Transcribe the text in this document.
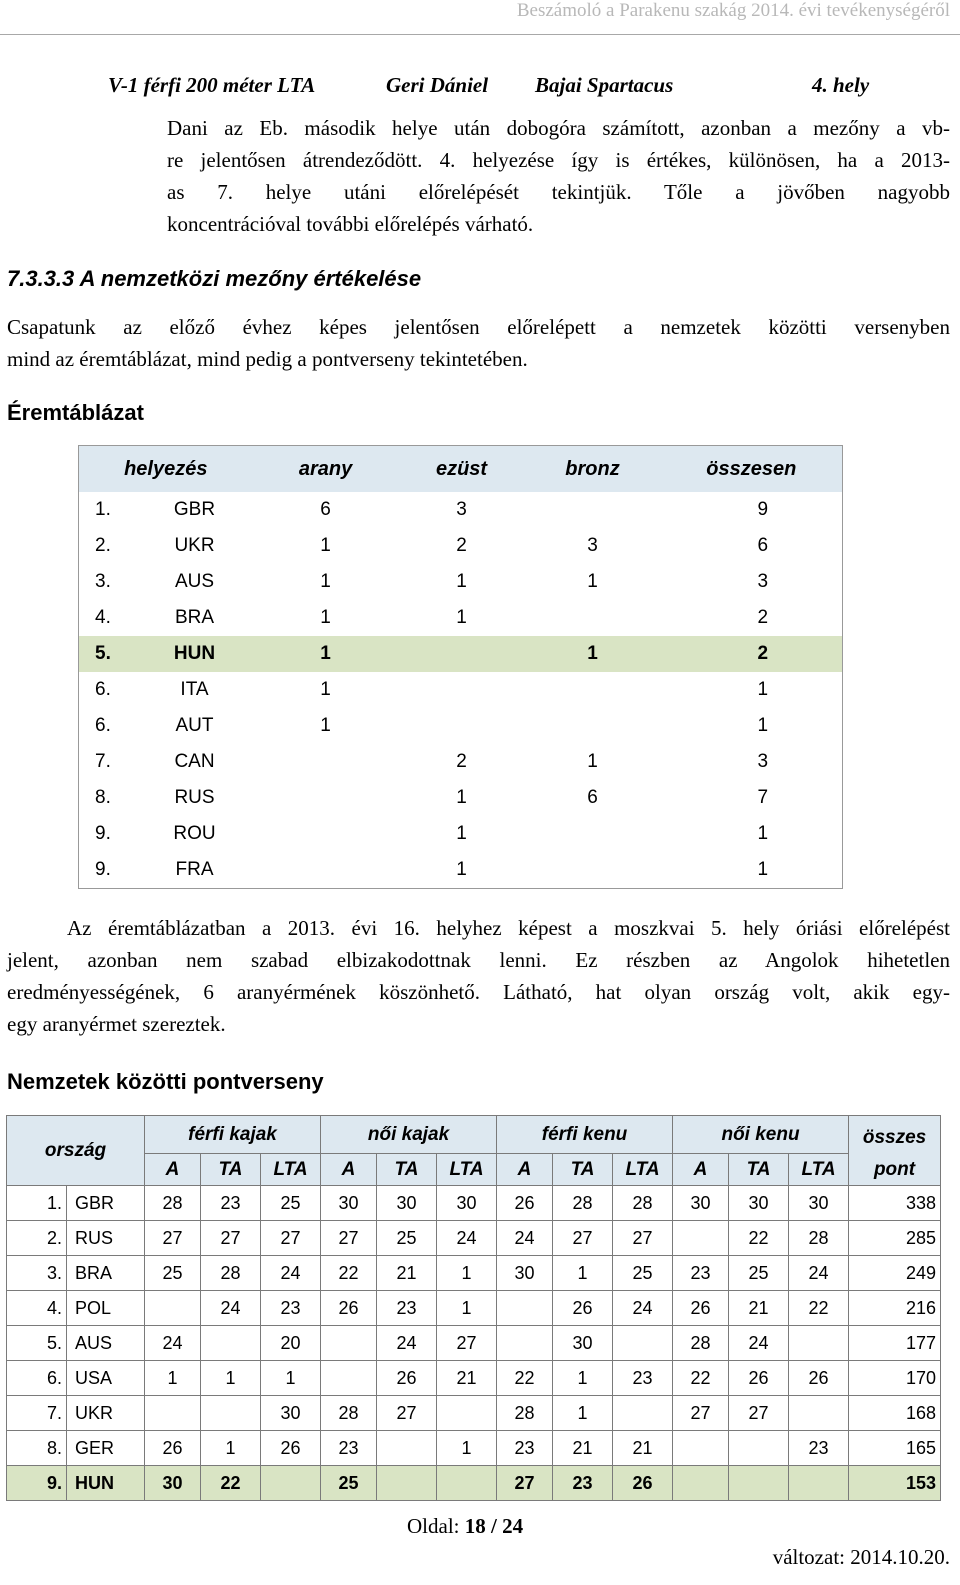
Beszámoló a Parakenu szakág 2014. évi tevékenységéről
V-1 férfi 200 méter LTA	Geri Dániel Bajai Spartacus	4. hely
Dani az Eb. második helye után dobogóra számított, azonban a mezőny a vb-
re jelentősen átrendeződött. 4. helyezése így is értékes, különösen, ha a 2013-
as 7. helye utáni előrelépését tekintjük. Tőle a jövőben nagyobb
koncentrációval további előrelépés várható.
7.3.3.3 A nemzetközi mezőny értékelése
Csapatunk az előző évhez képes jelentősen előrelépett a nemzetek közötti versenyben
mind az éremtáblázat, mind pedig a pontverseny tekintetében.
Éremtáblázat
helyezés		arany	ezüst	bronz	összesen
1.	GBR	6	3		9
2.	UKR	1	2	3	6
3.	AUS	1	1	1	3
4.	BRA	1	1		2
5.	HUN	1		1	2
6.	ITA	1			1
6.	AUT	1			1
7.	CAN		2	1	3
8.	RUS		1	6	7
9.	ROU		1		1
9.	FRA		1		1
Az éremtáblázatban a 2013. évi 16. helyhez képest a moszkvai 5. hely óriási előrelépést
jelent, azonban nem szabad elbizakodottnak lenni. Ez részben az Angolok hihetetlen
eredményességének, 6 aranyérmének köszönhető. Látható, hat olyan ország volt, akik egy-
egy aranyérmet szereztek.
Nemzetek közötti pontverseny
ország		férfi kajak			női kajak			férfi kenu			női kenu			összes
pont

		A	TA	LTA	A	TA	LTA	A	TA	LTA	A	TA	LTA	
1.	GBR	28	23	25	30	30	30	26	28	28	30	30	30	338
2.	RUS	27	27	27	27	25	24	24	27	27		22	28	285
3.	BRA	25	28	24	22	21	1	30	1	25	23	25	24	249
4.	POL		24	23	26	23	1		26	24	26	21	22	216
5.	AUS	24		20		24	27		30		28	24		177
6.	USA	1	1	1		26	21	22	1	23	22	26	26	170
7.	UKR			30	28	27		28	1		27	27		168
8.	GER	26	1	26	23		1	23	21	21			23	165
9.	HUN	30	22		25			27	23	26				153
Oldal: 18 / 24
változat: 2014.10.20.
